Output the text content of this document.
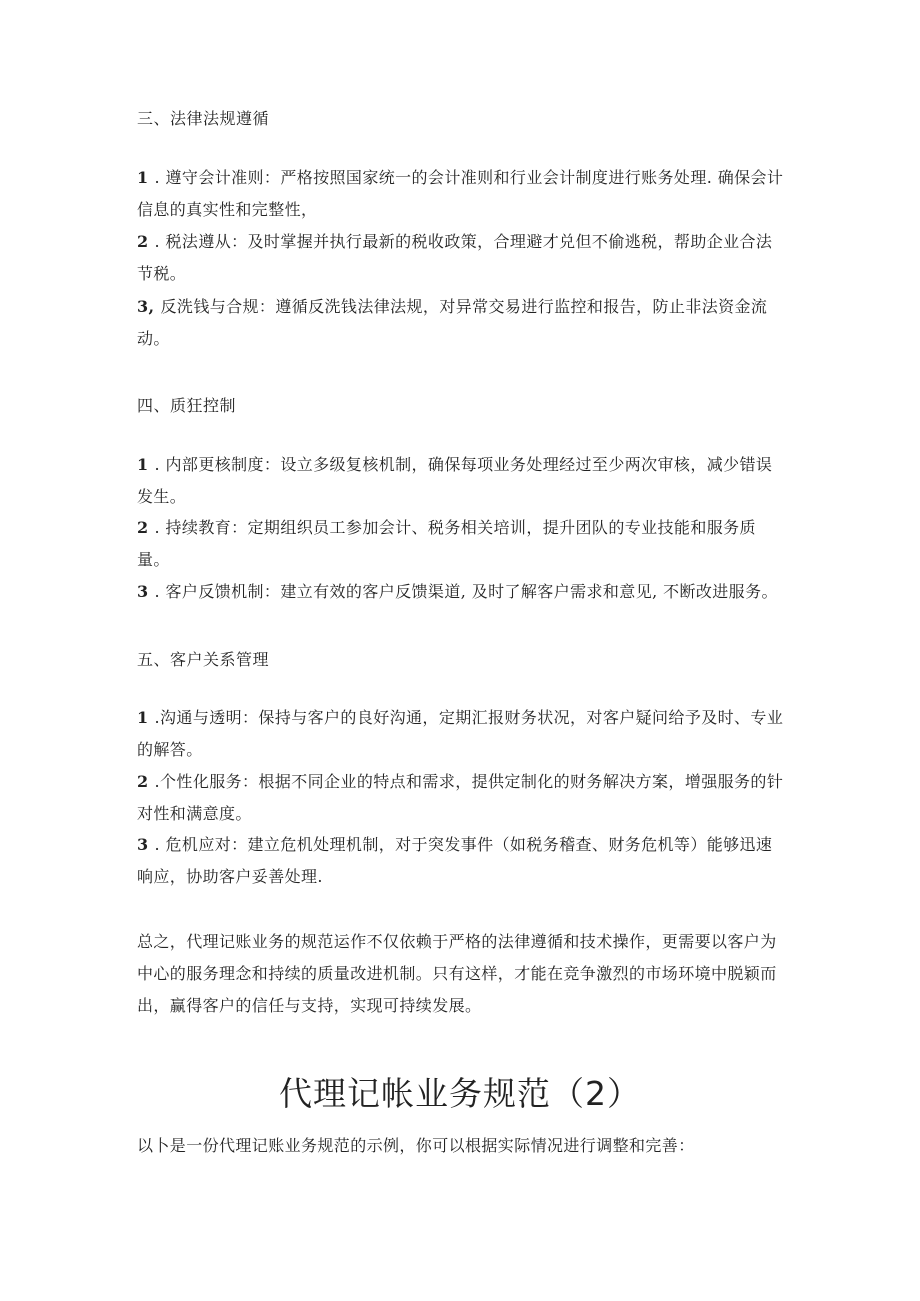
三、法律法规遵循
1 . 遵守会计准则：严格按照国家统一的会计准则和行业会计制度进行账务处理. 确保会计信息的真实性和完整性，
2 . 税法遵从：及时掌握并执行最新的税收政策，合理避才兑但不偷逃税，帮助企业合法节税。
3, 反洗钱与合规：遵循反洗钱法律法规，对异常交易进行监控和报告，防止非法资金流动。
四、质狂控制
1 . 内部更核制度：设立多级复核机制，确保每项业务处理经过至少两次审核，减少错误发生。
2 . 持续教育：定期组织员工参加会计、税务相关培训，提升团队的专业技能和服务质量。
3 . 客户反馈机制：建立有效的客户反馈渠道, 及时了解客户需求和意见, 不断改进服务。
五、客户关系管理
1 .沟通与透明：保持与客户的良好沟通，定期汇报财务状况，对客户疑问给予及时、专业的解答。
2 .个性化服务：根据不同企业的特点和需求，提供定制化的财务解决方案，增强服务的针对性和满意度。
3 . 危机应对：建立危机处理机制，对于突发事件（如税务稽查、财务危机等）能够迅速响应，协助客户妥善处理.
总之，代理记账业务的规范运作不仅依赖于严格的法律遵循和技术操作，更需要以客户为中心的服务理念和持续的质量改进机制。只有这样，才能在竞争激烈的市场环境中脱颖而出，赢得客户的信任与支持，实现可持续发展。
代理记帐业务规范（2）
以卜是一份代理记账业务规范的示例，你可以根据实际情况进行调整和完善：
